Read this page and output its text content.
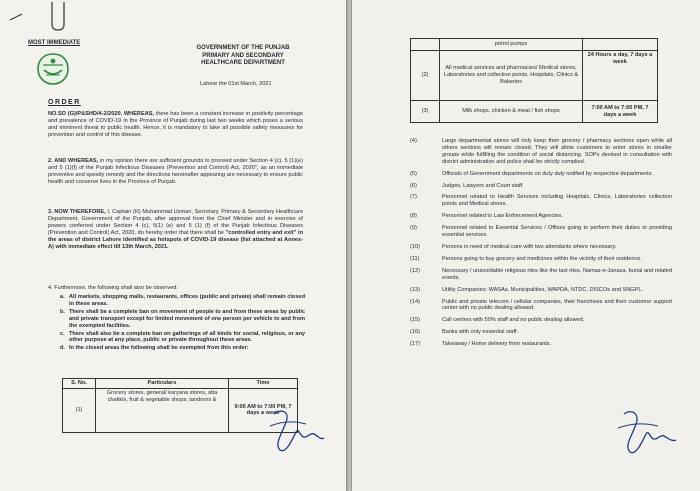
MOST IMMEDIATE
GOVERNMENT OF THE PUNJAB
PRIMARY AND SECONDARY
HEALTHCARE DEPARTMENT
Lahore the 01st March, 2021
ORDER
NO.SO (G)/P&SHD/4-2/2020. WHEREAS, there has been a constant increase in positivity percentage and prevalence of COVID-19 in the Province of Punjab during last two weeks which poses a serious and imminent threat to public health. Hence, it is mandatory to take all possible safety measures for prevention and control of this disease.
2. AND WHEREAS, in my opinion there are sufficient grounds to proceed under Section 4 (c), 5 (1)(e) and 5 (1)(f) of the Punjab Infectious Diseases (Prevention and Control) Act, 2020", as an immediate preventive and speedy remedy and the directions hereinafter appearing are necessary to ensure public health and conserve lives in the Province of Punjab.
3. NOW THEREFORE, I, Captain (R) Muhammad Usman, Secretary, Primary & Secondary Healthcare Department, Government of the Punjab, after approval from the Chief Minister and in exercise of powers conferred under Section 4 (c), 5(1) (e) and 5 (1) (f) of the Punjab Infectious Diseases (Prevention and Control) Act, 2020, do hereby order that there shall be "controlled entry and exit" in the areas of district Lahore identified as hotspots of COVID-19 disease (list attached at Annex-A) with immediate effect till 13th March, 2021.
4. Furthermore, the following shall also be observed:
a. All markets, shopping malls, restaurants, offices (public and private) shall remain closed in these areas.
b. There shall be a complete ban on movement of people to and from these areas by public and private transport except for limited movement of one person per vehicle to and from the exempted facilities.
c. There shall also be a complete ban on gatherings of all kinds for social, religious, or any other purpose at any place, public or private throughout these areas.
d. In the closed areas the following shall be exempted from this order:
S. No.	Particulars	Time
(1)	Grocery stores, general/ karyana stores, atta chakkis, fruit & vegetable shops, tandoors &	9:00 AM to 7:00 PM, 7 days a week
	petrol pumps	
(2)	All medical services and pharmacies/ Medical stores, Laboratories and collection points, Hospitals, Clinics & Bakeries	24 Hours a day, 7 days a week
(3)	Milk shops, chicken & meat / fish shops	7:00 AM to 7:00 PM, 7 days a week
(4)	Large departmental stores will only keep their grocery / pharmacy sections open while all others sections will remain closed. They will allow customers to enter stores in smaller groups while fulfilling the condition of social distancing. SOPs devised in consultation with district administration and police shall be strictly complied.
(5)	Officials of Government departments on duty duly notified by respective departments.
(6)	Judges, Lawyers and Court staff.
(7)	Personnel related to Health Services including Hospitals, Clinics, Laboratories collection points and Medical stores.
(8)	Personnel related to Law Enforcement Agencies.
(9)	Personnel related to Essential Services / Offices going to perform their duties or providing essential services.
(10)	Persons in need of medical care with two attendants where necessary.
(11)	Persons going to buy grocery and medicines within the vicinity of their residence.
(12)	Necessary / unavoidable religious rites like the last rites, Namaz-e-Janaza, burial and related events.
(13)	Utility Companies: WASAs, Municipalities, WAPDA, NTDC, DISCOs and SNGPL.
(14)	Public and private telecom / cellular companies, their franchises and their customer support center with no public dealing allowed.
(15)	Call centers with 50% staff and no public dealing allowed.
(16)	Banks with only essential staff.
(17)	Takeaway / Home delivery from restaurants.
